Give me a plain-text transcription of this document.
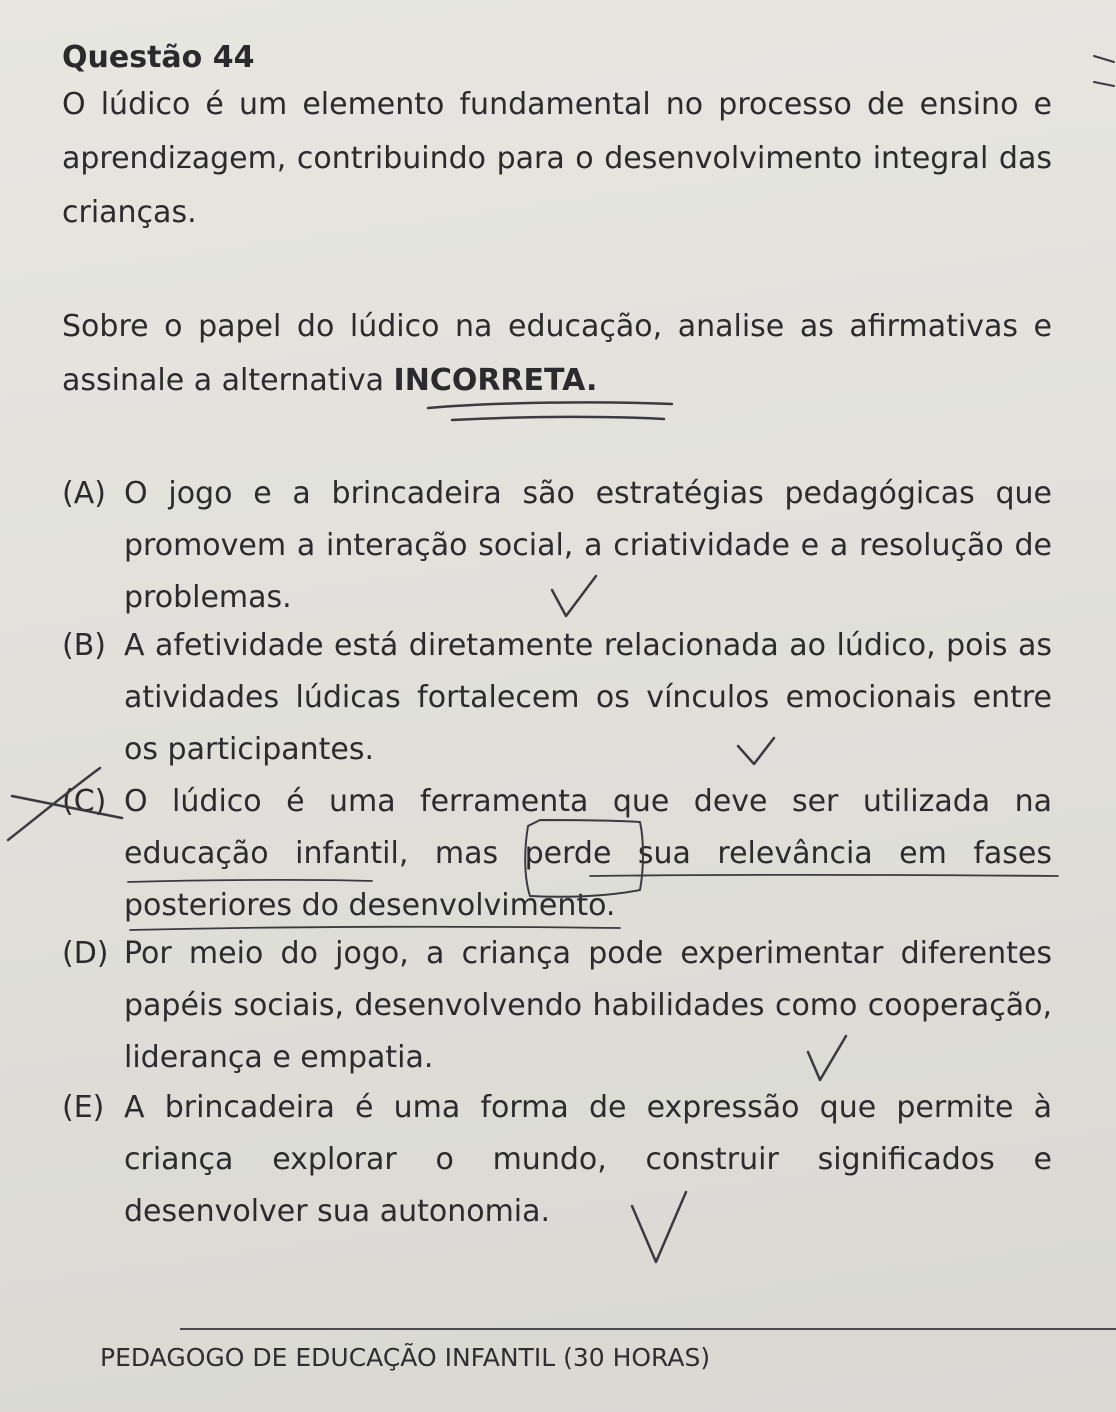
Questão 44
O lúdico é um elemento fundamental no processo de ensino e aprendizagem, contribuindo para o desenvolvimento integral das crianças.
Sobre o papel do lúdico na educação, analise as afirmativas e assinale a alternativa INCORRETA.
(A) O jogo e a brincadeira são estratégias pedagógicas que promovem a interação social, a criatividade e a resolução de problemas.
(B) A afetividade está diretamente relacionada ao lúdico, pois as atividades lúdicas fortalecem os vínculos emocionais entre os participantes.
(C) O lúdico é uma ferramenta que deve ser utilizada na educação infantil, mas perde sua relevância em fases posteriores do desenvolvimento.
(D) Por meio do jogo, a criança pode experimentar diferentes papéis sociais, desenvolvendo habilidades como cooperação, liderança e empatia.
(E) A brincadeira é uma forma de expressão que permite à criança explorar o mundo, construir significados e desenvolver sua autonomia.
PEDAGOGO DE EDUCAÇÃO INFANTIL (30 HORAS)
